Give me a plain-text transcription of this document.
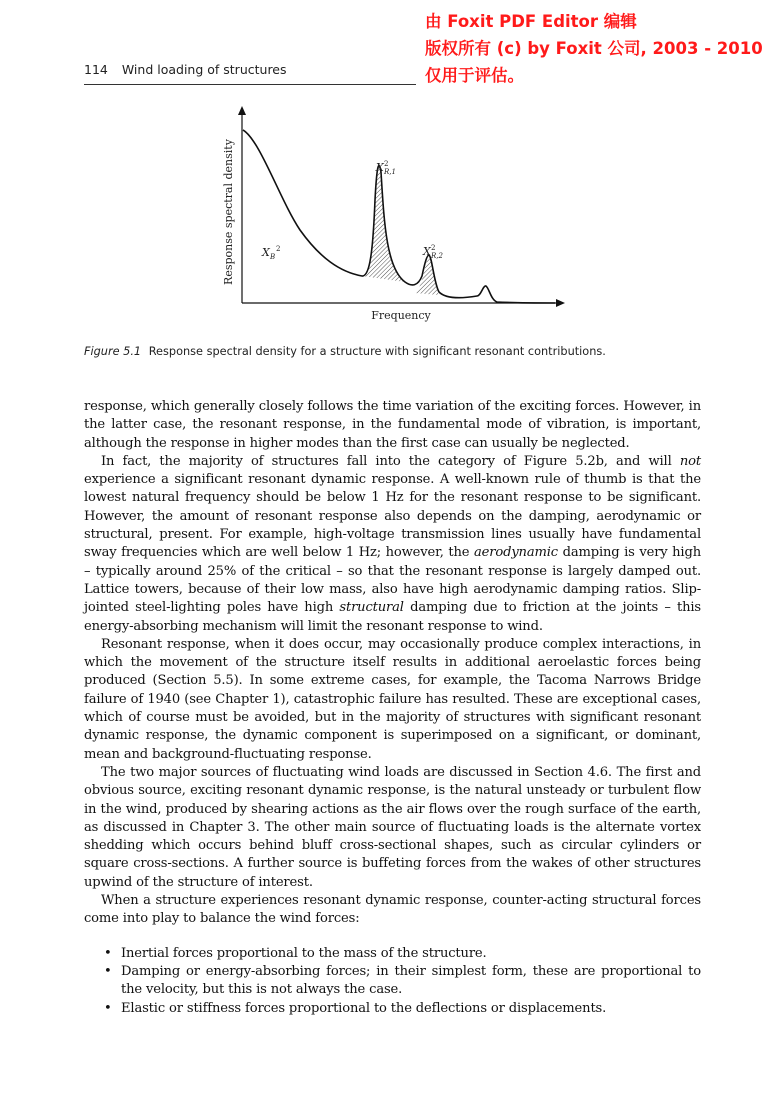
由 Foxit PDF Editor 编辑
版权所有 (c) by Foxit 公司, 2003 - 2010
仅用于评估。
114 Wind loading of structures
Response spectral density
Frequency
X B
2
X R,1
2
X R,2
2
Figure 5.1 Response spectral density for a structure with significant resonant contributions.

response, which generally closely follows the time variation of the exciting forces. However, in the latter case, the resonant response, in the fundamental mode of vibration, is important, although the response in higher modes than the first case can usually be neglected.

In fact, the majority of structures fall into the category of Figure 5.2b, and will not experience a significant resonant dynamic response. A well-known rule of thumb is that the lowest natural frequency should be below 1 Hz for the resonant response to be significant. However, the amount of resonant response also depends on the damping, aerodynamic or structural, present. For example, high-voltage transmission lines usually have fundamental sway frequencies which are well below 1 Hz; however, the aerodynamic damping is very high – typically around 25% of the critical – so that the resonant response is largely damped out. Lattice towers, because of their low mass, also have high aerodynamic damping ratios. Slip-jointed steel-lighting poles have high structural damping due to friction at the joints – this energy-absorbing mechanism will limit the resonant response to wind.

Resonant response, when it does occur, may occasionally produce complex interactions, in which the movement of the structure itself results in additional aeroelastic forces being produced (Section 5.5). In some extreme cases, for example, the Tacoma Narrows Bridge failure of 1940 (see Chapter 1), catastrophic failure has resulted. These are exceptional cases, which of course must be avoided, but in the majority of structures with significant resonant dynamic response, the dynamic component is superimposed on a significant, or dominant, mean and background-fluctuating response.

The two major sources of fluctuating wind loads are discussed in Section 4.6. The first and obvious source, exciting resonant dynamic response, is the natural unsteady or turbulent flow in the wind, produced by shearing actions as the air flows over the rough surface of the earth, as discussed in Chapter 3. The other main source of fluctuating loads is the alternate vortex shedding which occurs behind bluff cross-sectional shapes, such as circular cylinders or square cross-sections. A further source is buffeting forces from the wakes of other structures upwind of the structure of interest.

When a structure experiences resonant dynamic response, counter-acting structural forces come into play to balance the wind forces:

• Inertial forces proportional to the mass of the structure.
• Damping or energy-absorbing forces; in their simplest form, these are proportional to the velocity, but this is not always the case.
• Elastic or stiffness forces proportional to the deflections or displacements.
